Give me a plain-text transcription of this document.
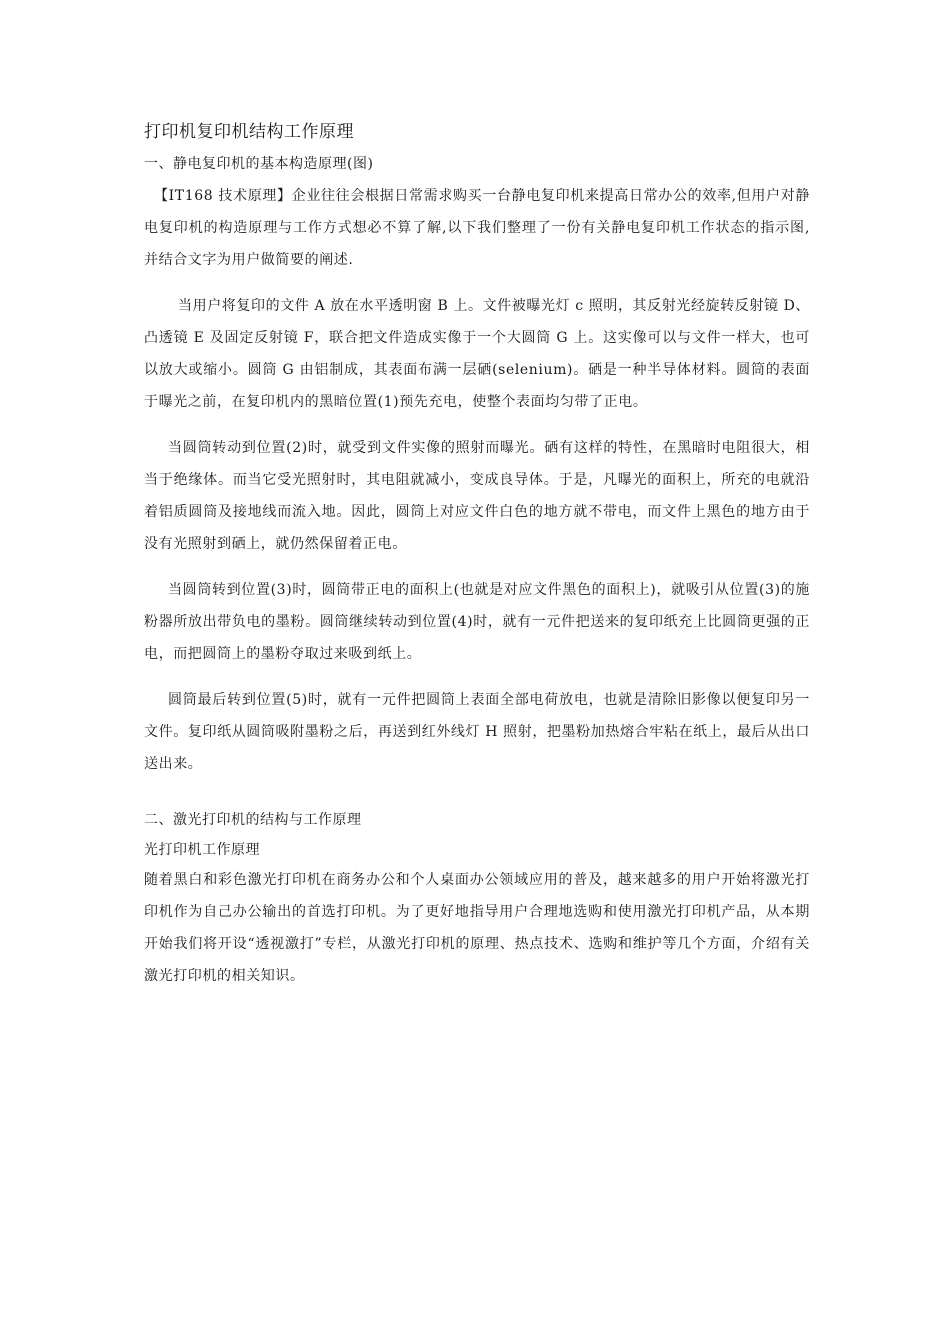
打印机复印机结构工作原理
一、静电复印机的基本构造原理(图)

【IT168 技术原理】企业往往会根据日常需求购买一台静电复印机来提高日常办公的效率,但用户对静电复印机的构造原理与工作方式想必不算了解,以下我们整理了一份有关静电复印机工作状态的指示图,并结合文字为用户做简要的阐述.

当用户将复印的文件 A 放在水平透明窗 B 上。文件被曝光灯 c 照明，其反射光经旋转反射镜 D、凸透镜 E 及固定反射镜 F，联合把文件造成实像于一个大圆筒 G 上。这实像可以与文件一样大，也可以放大或缩小。圆筒 G 由铝制成，其表面布满一层硒(selenium)。硒是一种半导体材料。圆筒的表面于曝光之前，在复印机内的黑暗位置(1)预先充电，使整个表面均匀带了正电。

当圆筒转动到位置(2)时，就受到文件实像的照射而曝光。硒有这样的特性，在黑暗时电阻很大，相当于绝缘体。而当它受光照射时，其电阻就减小，变成良导体。于是，凡曝光的面积上，所充的电就沿着铝质圆筒及接地线而流入地。因此，圆筒上对应文件白色的地方就不带电，而文件上黑色的地方由于没有光照射到硒上，就仍然保留着正电。

当圆筒转到位置(3)时，圆筒带正电的面积上(也就是对应文件黑色的面积上)，就吸引从位置(3)的施粉器所放出带负电的墨粉。圆筒继续转动到位置(4)时，就有一元件把送来的复印纸充上比圆筒更强的正电，而把圆筒上的墨粉夺取过来吸到纸上。

圆筒最后转到位置(5)时，就有一元件把圆筒上表面全部电荷放电，也就是清除旧影像以便复印另一文件。复印纸从圆筒吸附墨粉之后，再送到红外线灯 H 照射，把墨粉加热熔合牢粘在纸上，最后从出口送出来。

二、激光打印机的结构与工作原理

光打印机工作原理

随着黑白和彩色激光打印机在商务办公和个人桌面办公领域应用的普及，越来越多的用户开始将激光打印机作为自己办公输出的首选打印机。为了更好地指导用户合理地选购和使用激光打印机产品，从本期开始我们将开设“透视激打”专栏，从激光打印机的原理、热点技术、选购和维护等几个方面，介绍有关激光打印机的相关知识。
